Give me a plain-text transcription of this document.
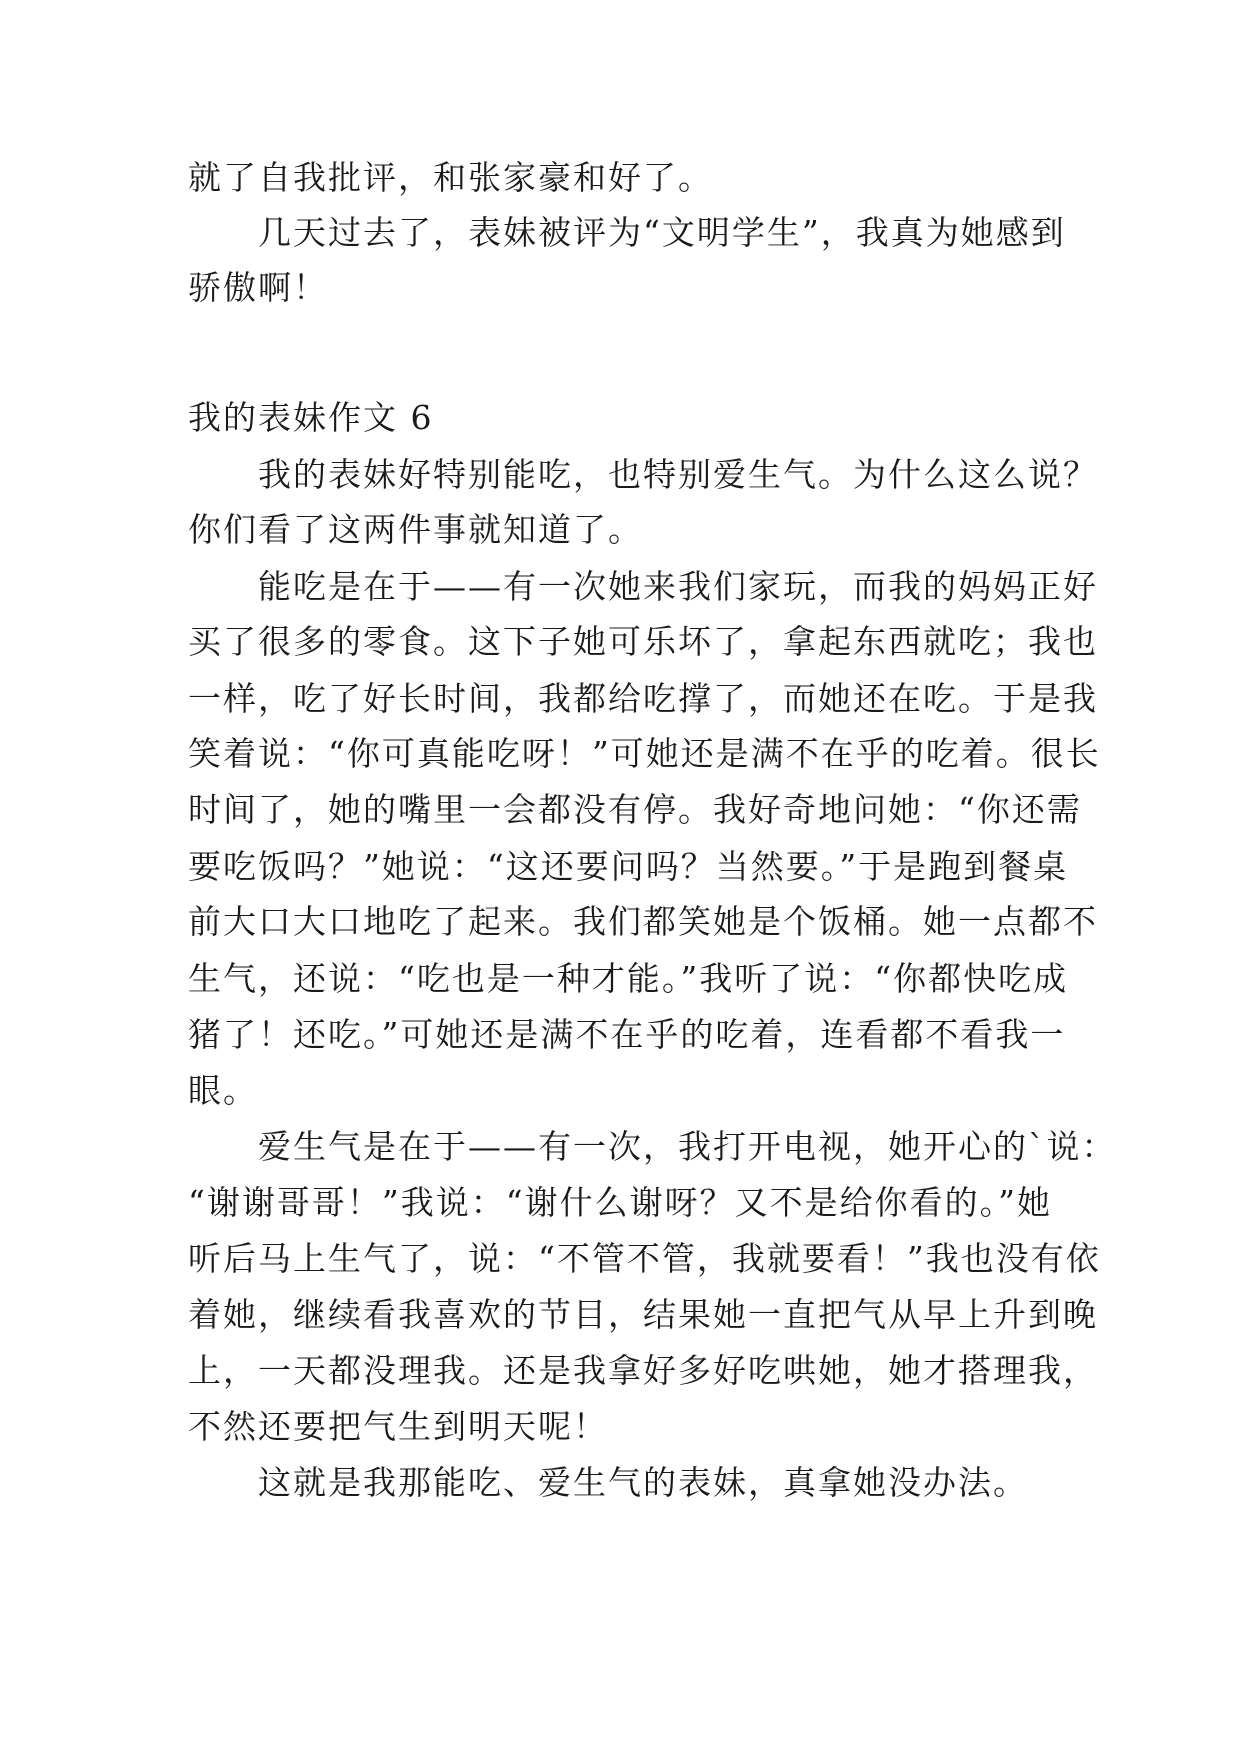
就了自我批评，和张家豪和好了。

几天过去了，表妹被评为“文明学生”，我真为她感到

骄傲啊！

我的表妹作文 6

我的表妹好特别能吃，也特别爱生气。为什么这么说？

你们看了这两件事就知道了。

能吃是在于——有一次她来我们家玩，而我的妈妈正好

买了很多的零食。这下子她可乐坏了，拿起东西就吃；我也

一样，吃了好长时间，我都给吃撑了，而她还在吃。于是我

笑着说：“你可真能吃呀！”可她还是满不在乎的吃着。很长

时间了，她的嘴里一会都没有停。我好奇地问她：“你还需

要吃饭吗？”她说：“这还要问吗？当然要。”于是跑到餐桌

前大口大口地吃了起来。我们都笑她是个饭桶。她一点都不

生气，还说：“吃也是一种才能。”我听了说：“你都快吃成

猪了！还吃。”可她还是满不在乎的吃着，连看都不看我一

眼。

爱生气是在于——有一次，我打开电视，她开心的`说：

“谢谢哥哥！”我说：“谢什么谢呀？又不是给你看的。”她

听后马上生气了，说：“不管不管，我就要看！”我也没有依

着她，继续看我喜欢的节目，结果她一直把气从早上升到晚

上，一天都没理我。还是我拿好多好吃哄她，她才搭理我，

不然还要把气生到明天呢！

这就是我那能吃、爱生气的表妹，真拿她没办法。
